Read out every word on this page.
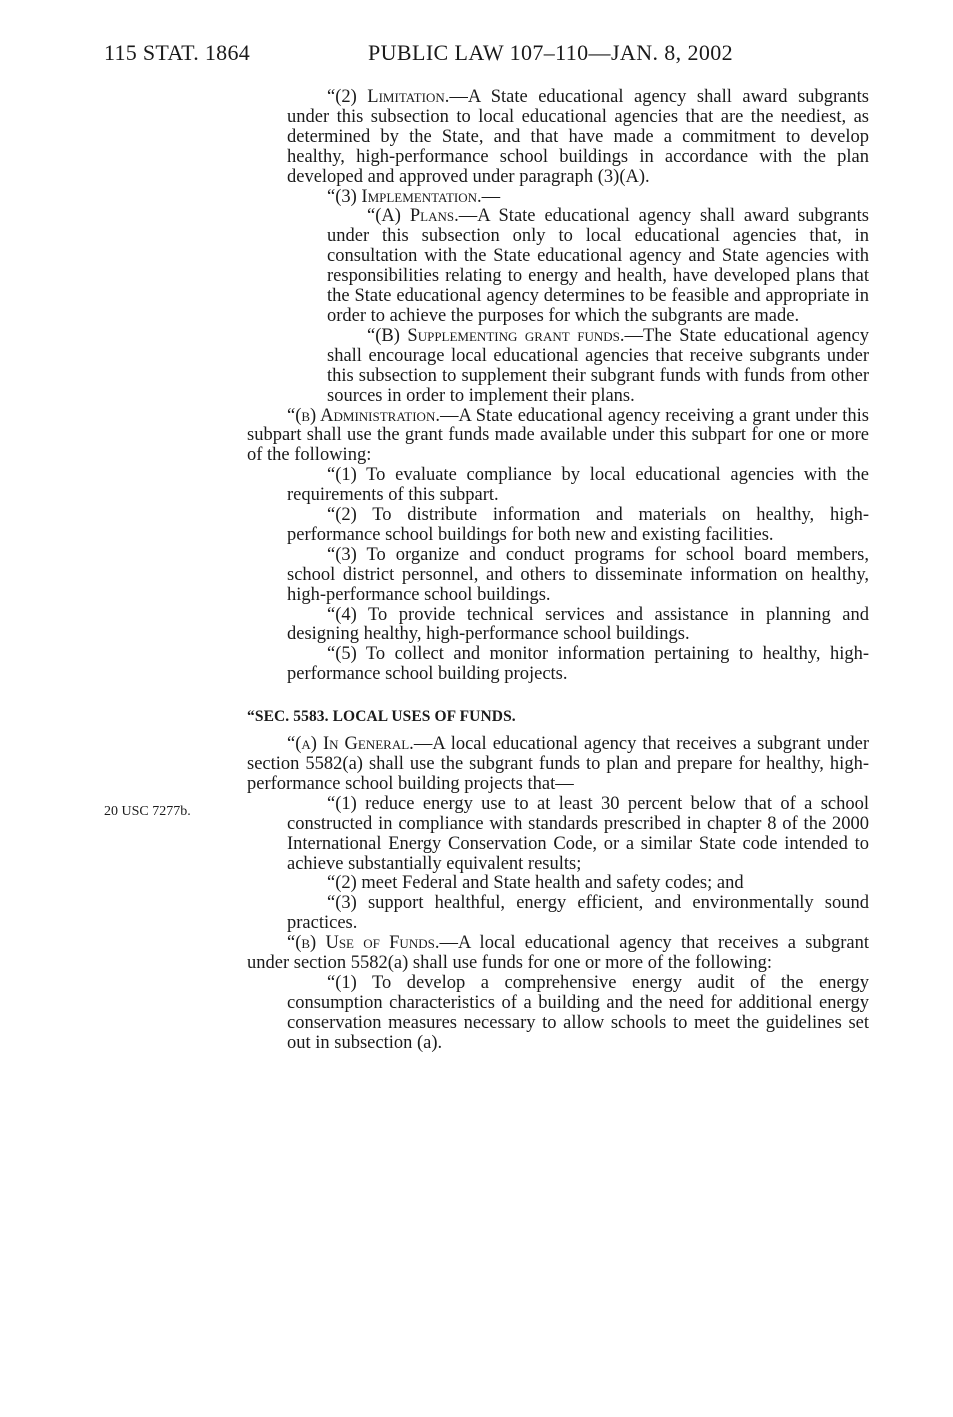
115 STAT. 1864	PUBLIC LAW 107–110—JAN. 8, 2002
20 USC 7277b.

“(2) Limitation.—A State educational agency shall award subgrants under this subsection to local educational agencies that are the neediest, as determined by the State, and that have made a commitment to develop healthy, high-performance school buildings in accordance with the plan developed and approved under paragraph (3)(A).

“(3) Implementation.—

“(A) Plans.—A State educational agency shall award subgrants under this subsection only to local educational agencies that, in consultation with the State educational agency and State agencies with responsibilities relating to energy and health, have developed plans that the State educational agency determines to be feasible and appropriate in order to achieve the purposes for which the subgrants are made.

“(B) Supplementing grant funds.—The State educational agency shall encourage local educational agencies that receive subgrants under this subsection to supplement their subgrant funds with funds from other sources in order to implement their plans.

“(b) Administration.—A State educational agency receiving a grant under this subpart shall use the grant funds made available under this subpart for one or more of the following:

“(1) To evaluate compliance by local educational agencies with the requirements of this subpart.

“(2) To distribute information and materials on healthy, high-performance school buildings for both new and existing facilities.

“(3) To organize and conduct programs for school board members, school district personnel, and others to disseminate information on healthy, high-performance school buildings.

“(4) To provide technical services and assistance in planning and designing healthy, high-performance school buildings.

“(5) To collect and monitor information pertaining to healthy, high-performance school building projects.

“SEC. 5583. LOCAL USES OF FUNDS.

“(a) In General.—A local educational agency that receives a subgrant under section 5582(a) shall use the subgrant funds to plan and prepare for healthy, high-performance school building projects that—

“(1) reduce energy use to at least 30 percent below that of a school constructed in compliance with standards prescribed in chapter 8 of the 2000 International Energy Conservation Code, or a similar State code intended to achieve substantially equivalent results;

“(2) meet Federal and State health and safety codes; and

“(3) support healthful, energy efficient, and environmentally sound practices.

“(b) Use of Funds.—A local educational agency that receives a subgrant under section 5582(a) shall use funds for one or more of the following:

“(1) To develop a comprehensive energy audit of the energy consumption characteristics of a building and the need for additional energy conservation measures necessary to allow schools to meet the guidelines set out in subsection (a).
